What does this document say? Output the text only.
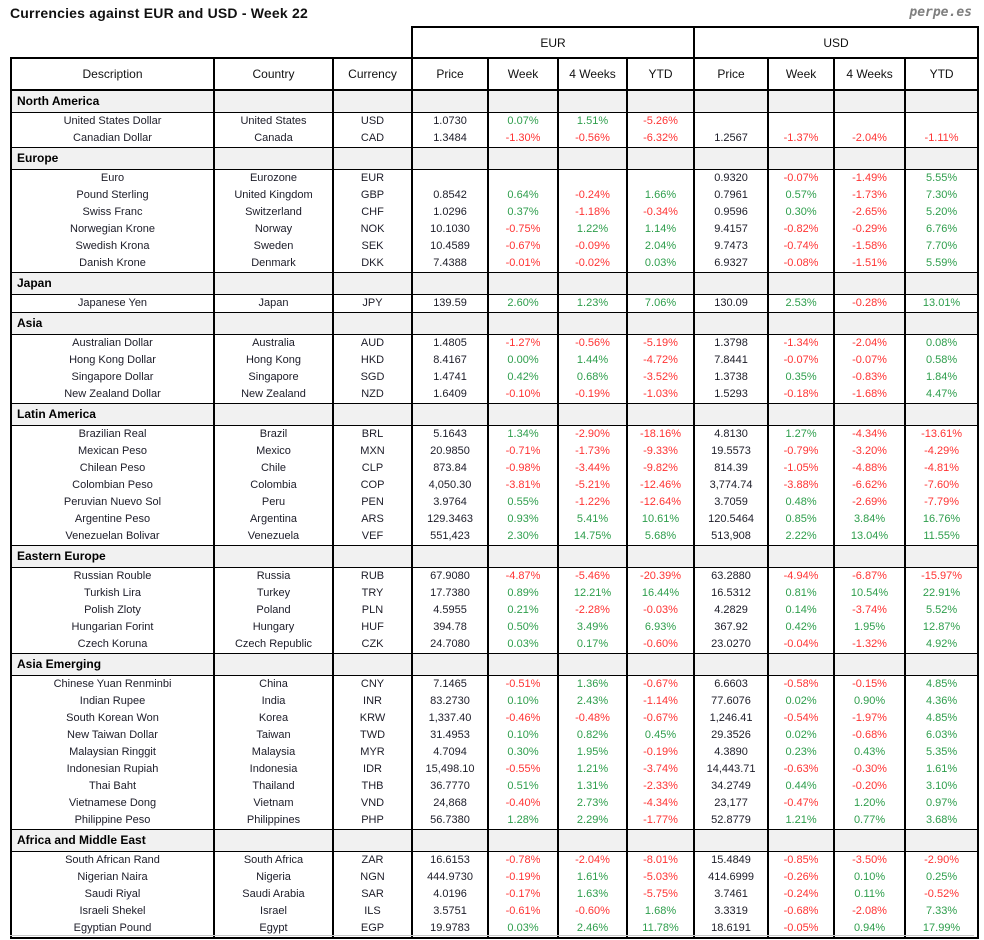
Currencies against EUR and USD - Week 22	perpe.es
			EUR				USD			
Description	Country	Currency	Price	Week	4 Weeks	YTD	Price	Week	4 Weeks	YTD
North America										
United States Dollar	United States	USD	1.0730	0.07%	1.51%	-5.26%				
Canadian Dollar	Canada	CAD	1.3484	-1.30%	-0.56%	-6.32%	1.2567	-1.37%	-2.04%	-1.11%
Europe										
Euro	Eurozone	EUR					0.9320	-0.07%	-1.49%	5.55%
Pound Sterling	United Kingdom	GBP	0.8542	0.64%	-0.24%	1.66%	0.7961	0.57%	-1.73%	7.30%
Swiss Franc	Switzerland	CHF	1.0296	0.37%	-1.18%	-0.34%	0.9596	0.30%	-2.65%	5.20%
Norwegian Krone	Norway	NOK	10.1030	-0.75%	1.22%	1.14%	9.4157	-0.82%	-0.29%	6.76%
Swedish Krona	Sweden	SEK	10.4589	-0.67%	-0.09%	2.04%	9.7473	-0.74%	-1.58%	7.70%
Danish Krone	Denmark	DKK	7.4388	-0.01%	-0.02%	0.03%	6.9327	-0.08%	-1.51%	5.59%
Japan										
Japanese Yen	Japan	JPY	139.59	2.60%	1.23%	7.06%	130.09	2.53%	-0.28%	13.01%
Asia										
Australian Dollar	Australia	AUD	1.4805	-1.27%	-0.56%	-5.19%	1.3798	-1.34%	-2.04%	0.08%
Hong Kong Dollar	Hong Kong	HKD	8.4167	0.00%	1.44%	-4.72%	7.8441	-0.07%	-0.07%	0.58%
Singapore Dollar	Singapore	SGD	1.4741	0.42%	0.68%	-3.52%	1.3738	0.35%	-0.83%	1.84%
New Zealand Dollar	New Zealand	NZD	1.6409	-0.10%	-0.19%	-1.03%	1.5293	-0.18%	-1.68%	4.47%
Latin America										
Brazilian Real	Brazil	BRL	5.1643	1.34%	-2.90%	-18.16%	4.8130	1.27%	-4.34%	-13.61%
Mexican Peso	Mexico	MXN	20.9850	-0.71%	-1.73%	-9.33%	19.5573	-0.79%	-3.20%	-4.29%
Chilean Peso	Chile	CLP	873.84	-0.98%	-3.44%	-9.82%	814.39	-1.05%	-4.88%	-4.81%
Colombian Peso	Colombia	COP	4,050.30	-3.81%	-5.21%	-12.46%	3,774.74	-3.88%	-6.62%	-7.60%
Peruvian Nuevo Sol	Peru	PEN	3.9764	0.55%	-1.22%	-12.64%	3.7059	0.48%	-2.69%	-7.79%
Argentine Peso	Argentina	ARS	129.3463	0.93%	5.41%	10.61%	120.5464	0.85%	3.84%	16.76%
Venezuelan Bolivar	Venezuela	VEF	551,423	2.30%	14.75%	5.68%	513,908	2.22%	13.04%	11.55%
Eastern Europe										
Russian Rouble	Russia	RUB	67.9080	-4.87%	-5.46%	-20.39%	63.2880	-4.94%	-6.87%	-15.97%
Turkish Lira	Turkey	TRY	17.7380	0.89%	12.21%	16.44%	16.5312	0.81%	10.54%	22.91%
Polish Zloty	Poland	PLN	4.5955	0.21%	-2.28%	-0.03%	4.2829	0.14%	-3.74%	5.52%
Hungarian Forint	Hungary	HUF	394.78	0.50%	3.49%	6.93%	367.92	0.42%	1.95%	12.87%
Czech Koruna	Czech Republic	CZK	24.7080	0.03%	0.17%	-0.60%	23.0270	-0.04%	-1.32%	4.92%
Asia Emerging										
Chinese Yuan Renminbi	China	CNY	7.1465	-0.51%	1.36%	-0.67%	6.6603	-0.58%	-0.15%	4.85%
Indian Rupee	India	INR	83.2730	0.10%	2.43%	-1.14%	77.6076	0.02%	0.90%	4.36%
South Korean Won	Korea	KRW	1,337.40	-0.46%	-0.48%	-0.67%	1,246.41	-0.54%	-1.97%	4.85%
New Taiwan Dollar	Taiwan	TWD	31.4953	0.10%	0.82%	0.45%	29.3526	0.02%	-0.68%	6.03%
Malaysian Ringgit	Malaysia	MYR	4.7094	0.30%	1.95%	-0.19%	4.3890	0.23%	0.43%	5.35%
Indonesian Rupiah	Indonesia	IDR	15,498.10	-0.55%	1.21%	-3.74%	14,443.71	-0.63%	-0.30%	1.61%
Thai Baht	Thailand	THB	36.7770	0.51%	1.31%	-2.33%	34.2749	0.44%	-0.20%	3.10%
Vietnamese Dong	Vietnam	VND	24,868	-0.40%	2.73%	-4.34%	23,177	-0.47%	1.20%	0.97%
Philippine Peso	Philippines	PHP	56.7380	1.28%	2.29%	-1.77%	52.8779	1.21%	0.77%	3.68%
Africa and Middle East										
South African Rand	South Africa	ZAR	16.6153	-0.78%	-2.04%	-8.01%	15.4849	-0.85%	-3.50%	-2.90%
Nigerian Naira	Nigeria	NGN	444.9730	-0.19%	1.61%	-5.03%	414.6999	-0.26%	0.10%	0.25%
Saudi Riyal	Saudi Arabia	SAR	4.0196	-0.17%	1.63%	-5.75%	3.7461	-0.24%	0.11%	-0.52%
Israeli Shekel	Israel	ILS	3.5751	-0.61%	-0.60%	1.68%	3.3319	-0.68%	-2.08%	7.33%
Egyptian Pound	Egypt	EGP	19.9783	0.03%	2.46%	11.78%	18.6191	-0.05%	0.94%	17.99%
